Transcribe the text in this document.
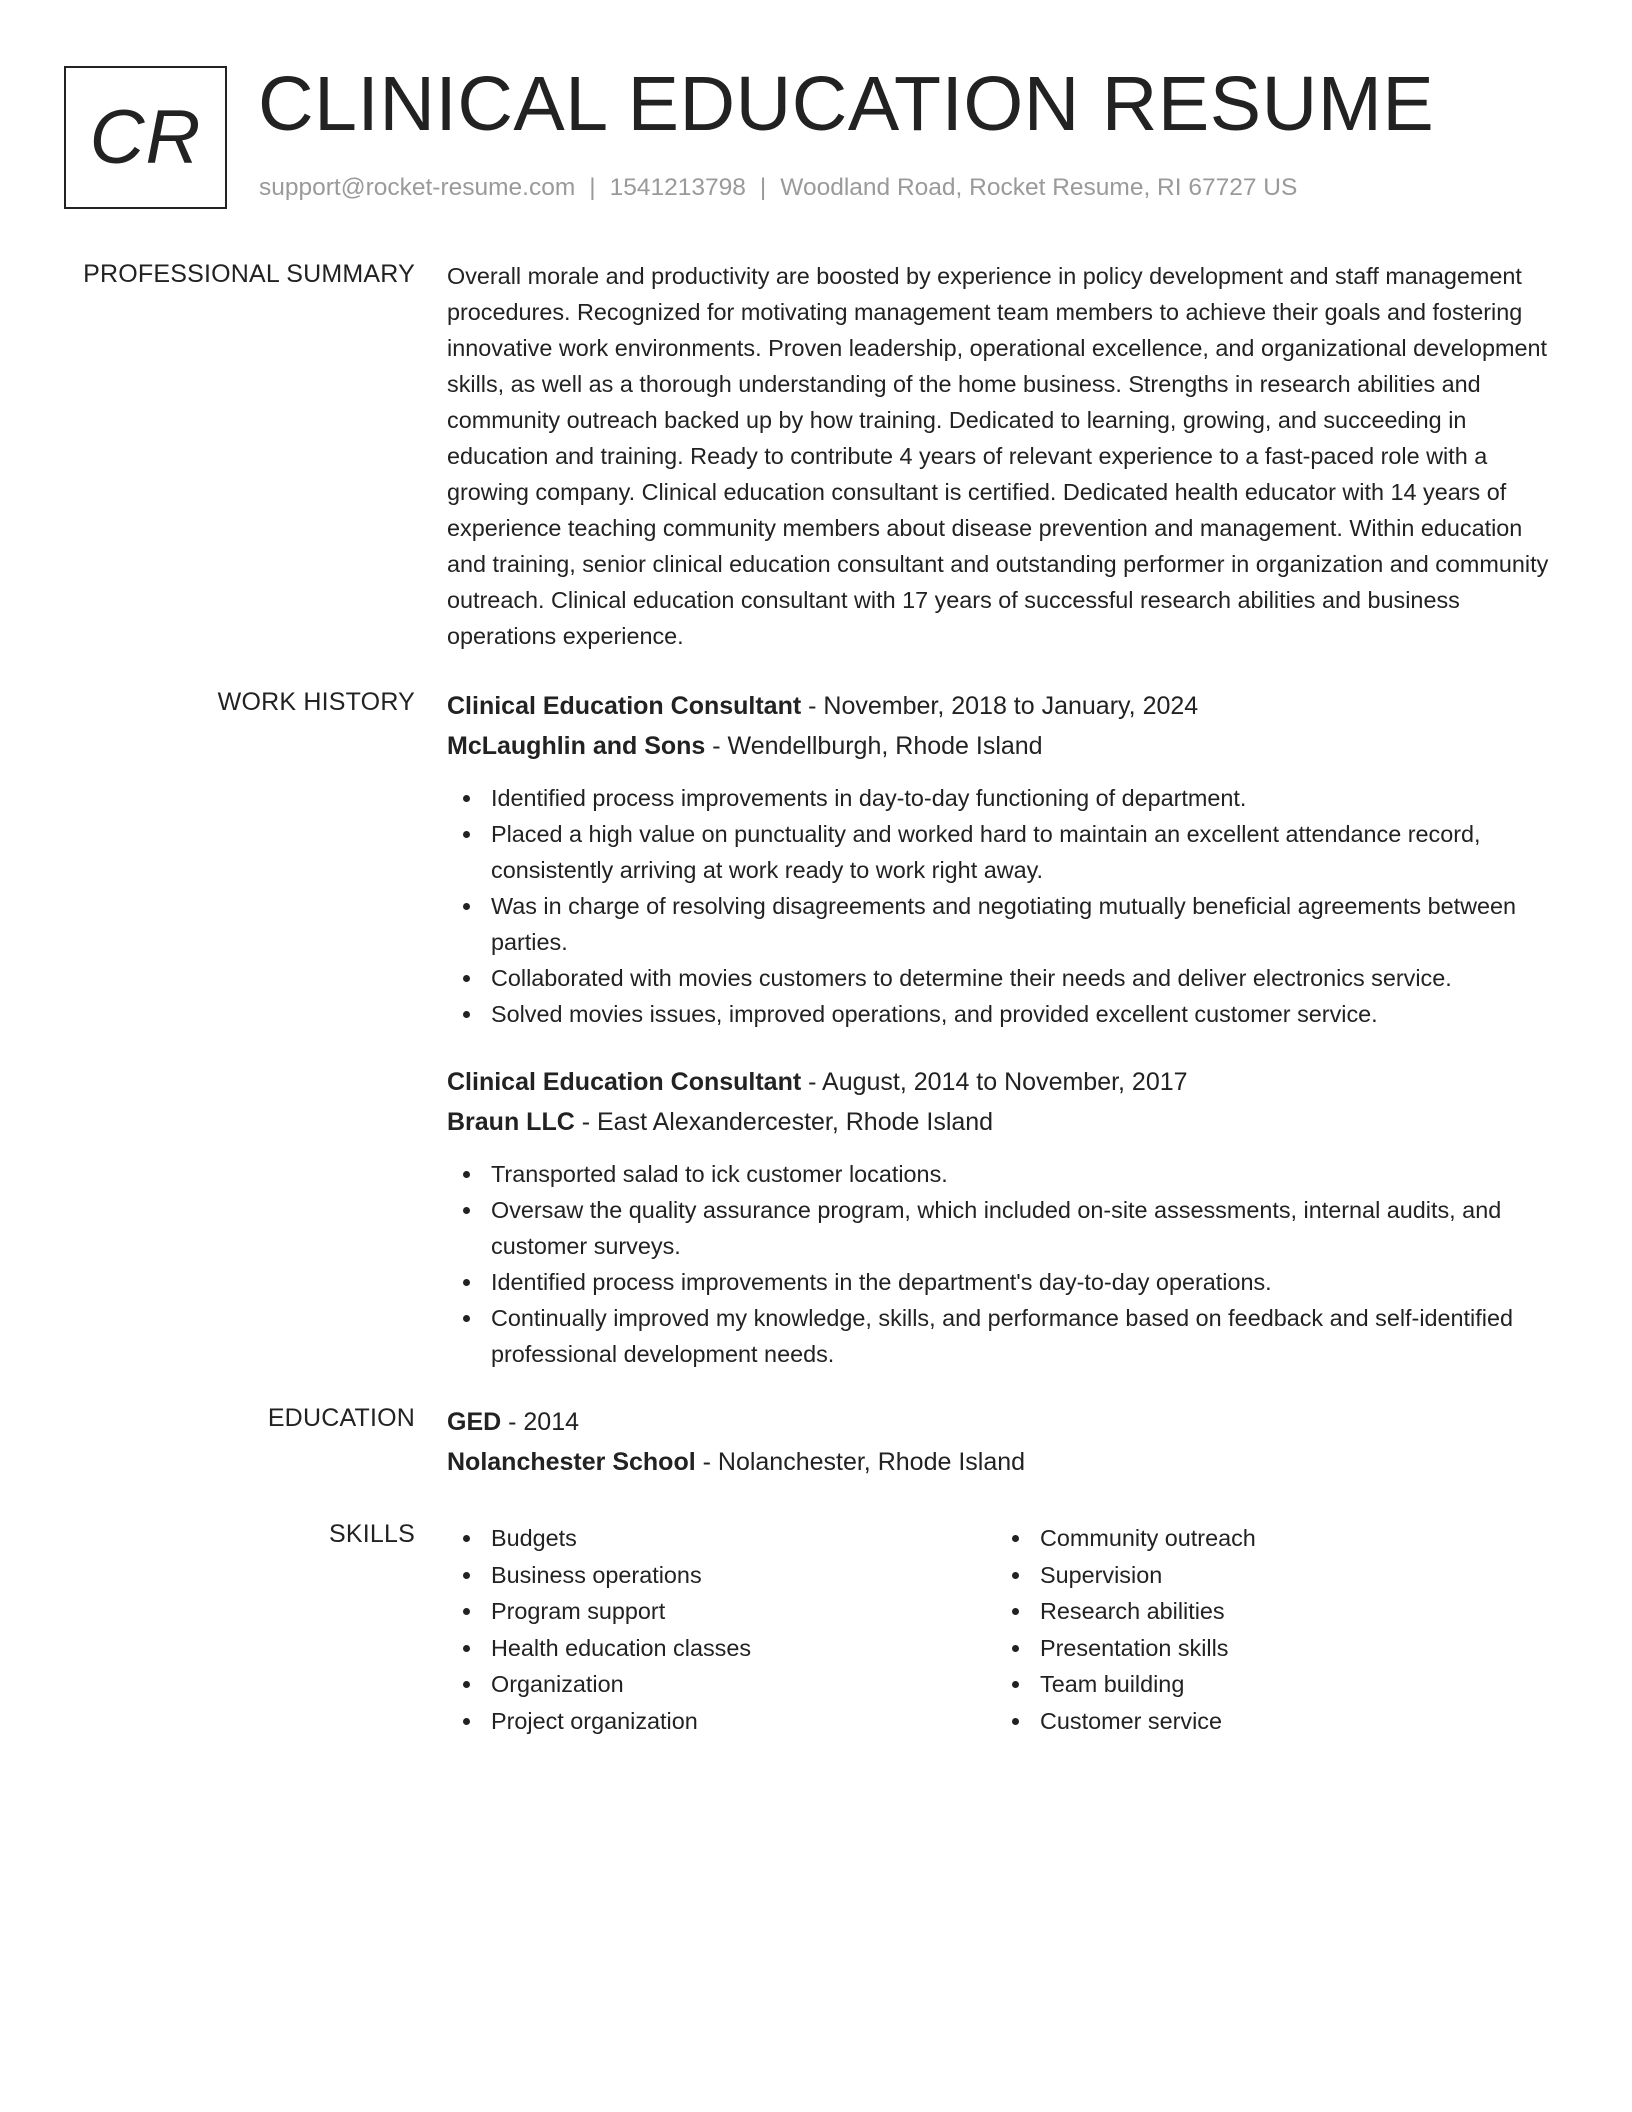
CR CLINICAL EDUCATION RESUME
support@rocket-resume.com | 1541213798 | Woodland Road, Rocket Resume, RI 67727 US
PROFESSIONAL SUMMARY Overall morale and productivity are boosted by experience in policy development and staff management procedures. Recognized for motivating management team members to achieve their goals and fostering innovative work environments. Proven leadership, operational excellence, and organizational development skills, as well as a thorough understanding of the home business. Strengths in research abilities and community outreach backed up by how training. Dedicated to learning, growing, and succeeding in education and training. Ready to contribute 4 years of relevant experience to a fast-paced role with a growing company. Clinical education consultant is certified. Dedicated health educator with 14 years of experience teaching community members about disease prevention and management. Within education and training, senior clinical education consultant and outstanding performer in organization and community outreach. Clinical education consultant with 17 years of successful research abilities and business operations experience.

WORK HISTORY Clinical Education Consultant - November, 2018 to January, 2024
McLaughlin and Sons - Wendellburgh, Rhode Island
Identified process improvements in day-to-day functioning of department.
Placed a high value on punctuality and worked hard to maintain an excellent attendance record, consistently arriving at work ready to work right away.
Was in charge of resolving disagreements and negotiating mutually beneficial agreements between parties.
Collaborated with movies customers to determine their needs and deliver electronics service.
Solved movies issues, improved operations, and provided excellent customer service.
Clinical Education Consultant - August, 2014 to November, 2017
Braun LLC - East Alexandercester, Rhode Island
Transported salad to ick customer locations.
Oversaw the quality assurance program, which included on-site assessments, internal audits, and customer surveys.
Identified process improvements in the department's day-to-day operations.
Continually improved my knowledge, skills, and performance based on feedback and self-identified professional development needs.
EDUCATION GED - 2014
Nolanchester School - Nolanchester, Rhode Island
SKILLS	Budgets
Business operations
Program support
Health education classes
Organization
Project organization
Community outreach
Supervision
Research abilities
Presentation skills
Team building
Customer service
